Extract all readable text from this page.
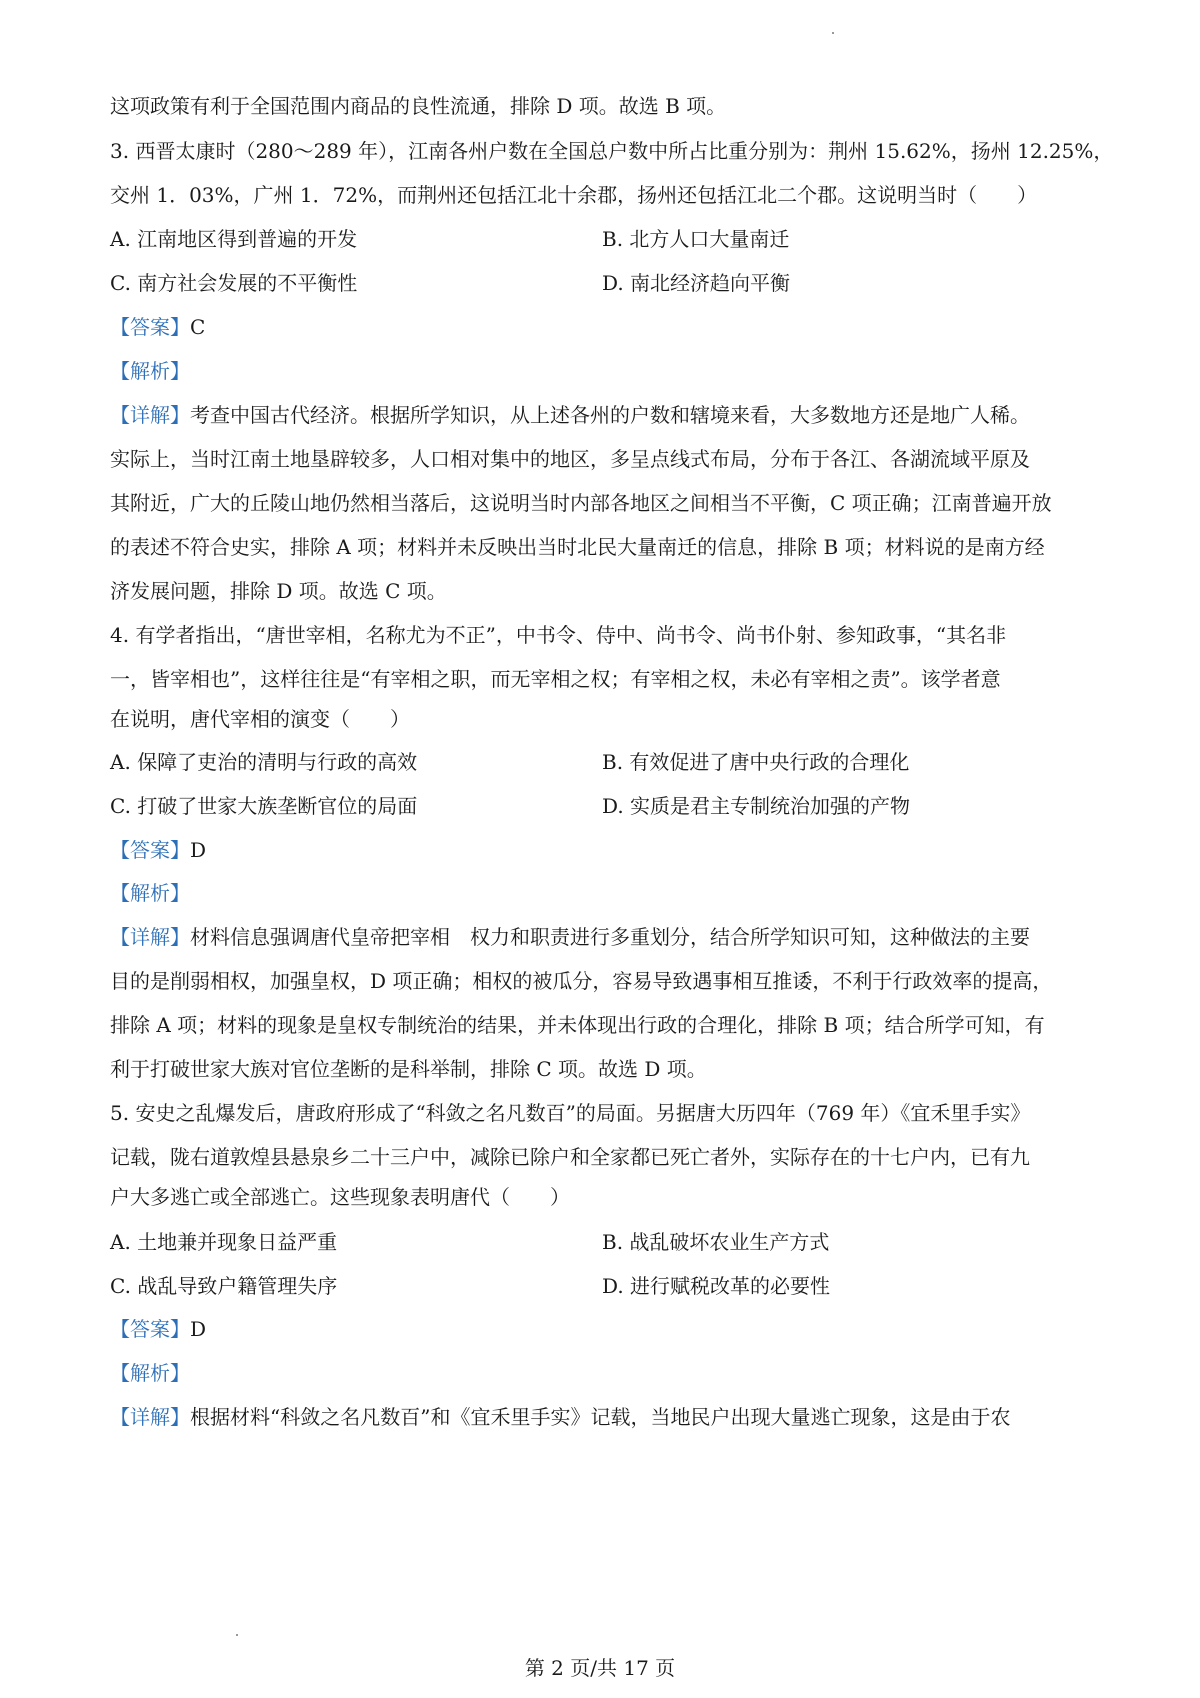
这项政策有利于全国范围内商品的良性流通，排除 D 项。故选 B 项。
3. 西晋太康时（280～289 年），江南各州户数在全国总户数中所占比重分别为：荆州 15.62%，扬州 12.25%，
交州 1．03%，广州 1．72%，而荆州还包括江北十余郡，扬州还包括江北二个郡。这说明当时（　　）
A. 江南地区得到普遍的开发	B. 北方人口大量南迁
C. 南方社会发展的不平衡性	D. 南北经济趋向平衡
【答案】C
【解析】
【详解】考查中国古代经济。根据所学知识，从上述各州的户数和辖境来看，大多数地方还是地广人稀。
实际上，当时江南土地垦辟较多，人口相对集中的地区，多呈点线式布局，分布于各江、各湖流域平原及
其附近，广大的丘陵山地仍然相当落后，这说明当时内部各地区之间相当不平衡，C 项正确；江南普遍开放
的表述不符合史实，排除 A 项；材料并未反映出当时北民大量南迁的信息，排除 B 项；材料说的是南方经
济发展问题，排除 D 项。故选 C 项。
4. 有学者指出，“唐世宰相，名称尤为不正”，中书令、侍中、尚书令、尚书仆射、参知政事，“其名非
一，皆宰相也”，这样往往是“有宰相之职，而无宰相之权；有宰相之权，未必有宰相之责”。该学者意
在说明，唐代宰相的演变（　　）
A. 保障了吏治的清明与行政的高效	B. 有效促进了唐中央行政的合理化
C. 打破了世家大族垄断官位的局面	D. 实质是君主专制统治加强的产物
【答案】D
【解析】
【详解】材料信息强调唐代皇帝把宰相　权力和职责进行多重划分，结合所学知识可知，这种做法的主要
目的是削弱相权，加强皇权，D 项正确；相权的被瓜分，容易导致遇事相互推诿，不利于行政效率的提高，
排除 A 项；材料的现象是皇权专制统治的结果，并未体现出行政的合理化，排除 B 项；结合所学可知，有
利于打破世家大族对官位垄断的是科举制，排除 C 项。故选 D 项。
5. 安史之乱爆发后，唐政府形成了“科敛之名凡数百”的局面。另据唐大历四年（769 年）《宜禾里手实》
记载，陇右道敦煌县悬泉乡二十三户中，减除已除户和全家都已死亡者外，实际存在的十七户内，已有九
户大多逃亡或全部逃亡。这些现象表明唐代（　　）
A. 土地兼并现象日益严重	B. 战乱破坏农业生产方式
C. 战乱导致户籍管理失序	D. 进行赋税改革的必要性
【答案】D
【解析】
【详解】根据材料“科敛之名凡数百”和《宜禾里手实》记载，当地民户出现大量逃亡现象，这是由于农
第 2 页/共 17 页
